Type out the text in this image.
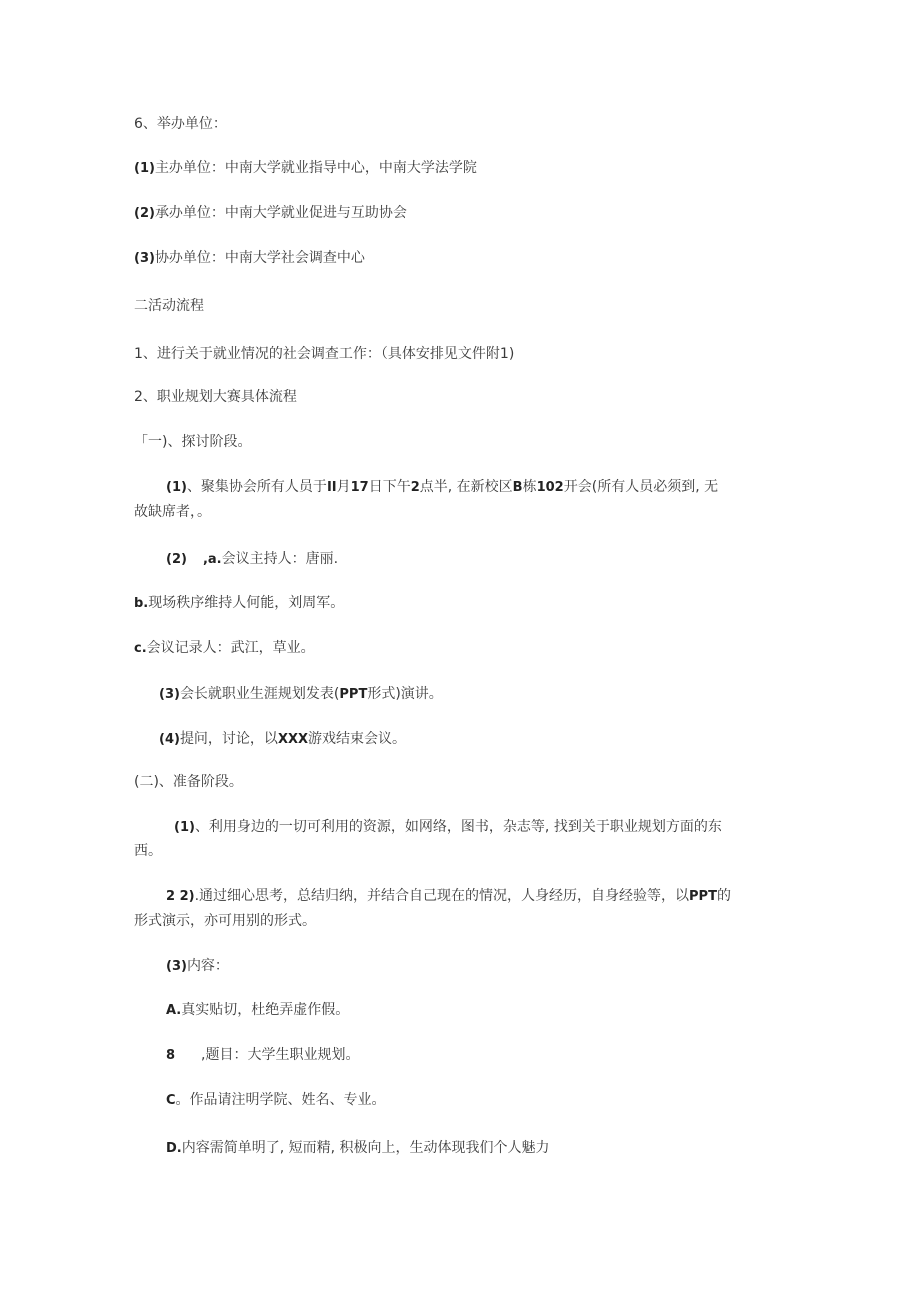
6、举办单位：
(1)主办单位：中南大学就业指导中心，中南大学法学院
(2)承办单位：中南大学就业促进与互助协会
(3)协办单位：中南大学社会调查中心
二活动流程
1、进行关于就业情况的社会调查工作：（具体安排见文件附1)
2、职业规划大赛具体流程
「一)、探讨阶段。
(1)、聚集协会所有人员于II月17日下午2点半, 在新校区B栋102开会(所有人员必须到, 无
故缺席者，。
(2) ,a.会议主持人：唐丽.
b.现场秩序维持人何能，刘周军。
c.会议记录人：武江，草业。
(3)会长就职业生涯规划发表(PPT形式)演讲。
(4)提问，讨论，以XXX游戏结束会议。
(二)、准备阶段。
(1)、利用身边的一切可利用的资源，如网络，图书，杂志等, 找到关于职业规划方面的东
西。
2 2).通过细心思考，总结归纳，并结合自己现在的情况，人身经历，自身经验等，以PPT的
形式演示，亦可用别的形式。
(3)内容：
A.真实贴切，杜绝弄虚作假。
8 ,题目：大学生职业规划。
C。作品请注明学院、姓名、专业。
D.内容需简单明了, 短而精, 积极向上，生动体现我们个人魅力
